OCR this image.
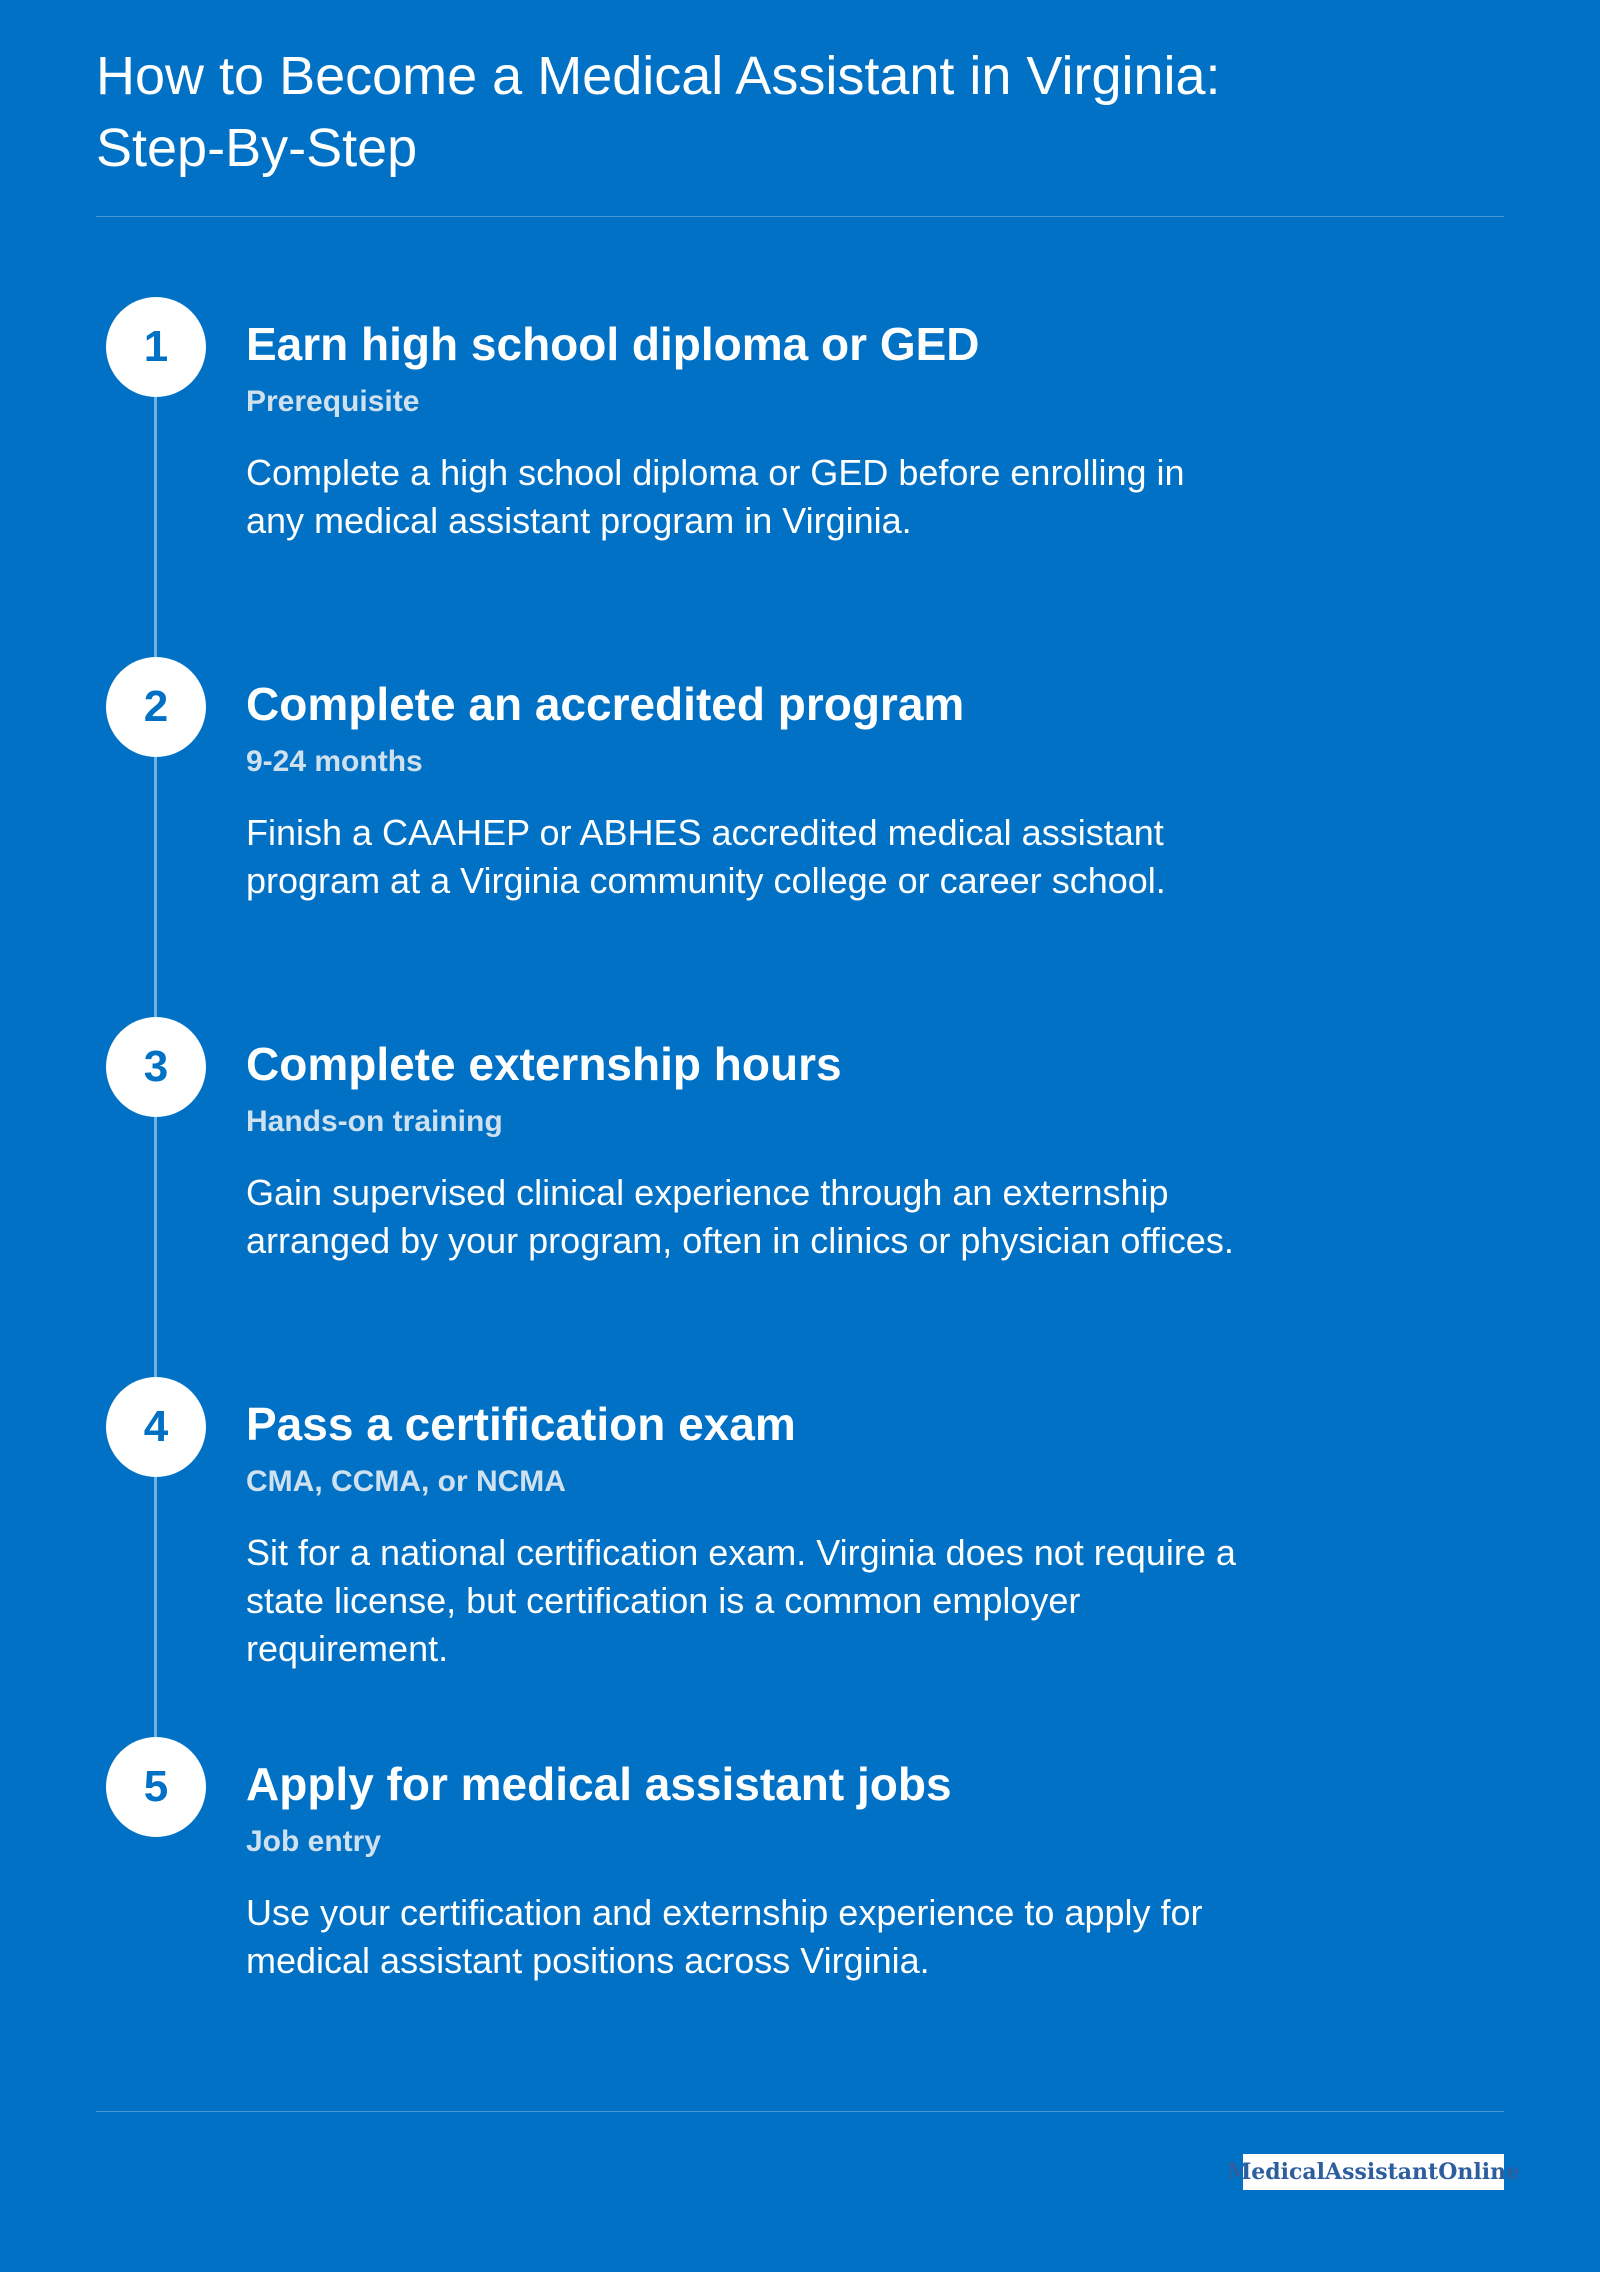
How to Become a Medical Assistant in Virginia:
Step-By-Step
1	Earn high school diploma or GED
Prerequisite
Complete a high school diploma or GED before enrolling in any medical assistant program in Virginia.
2	Complete an accredited program
9-24 months
Finish a CAAHEP or ABHES accredited medical assistant program at a Virginia community college or career school.
3	Complete externship hours
Hands-on training
Gain supervised clinical experience through an externship arranged by your program, often in clinics or physician offices.
4	Pass a certification exam
CMA, CCMA, or NCMA
Sit for a national certification exam. Virginia does not require a state license, but certification is a common employer requirement.
5	Apply for medical assistant jobs
Job entry
Use your certification and externship experience to apply for medical assistant positions across Virginia.
MedicalAssistantOnline
